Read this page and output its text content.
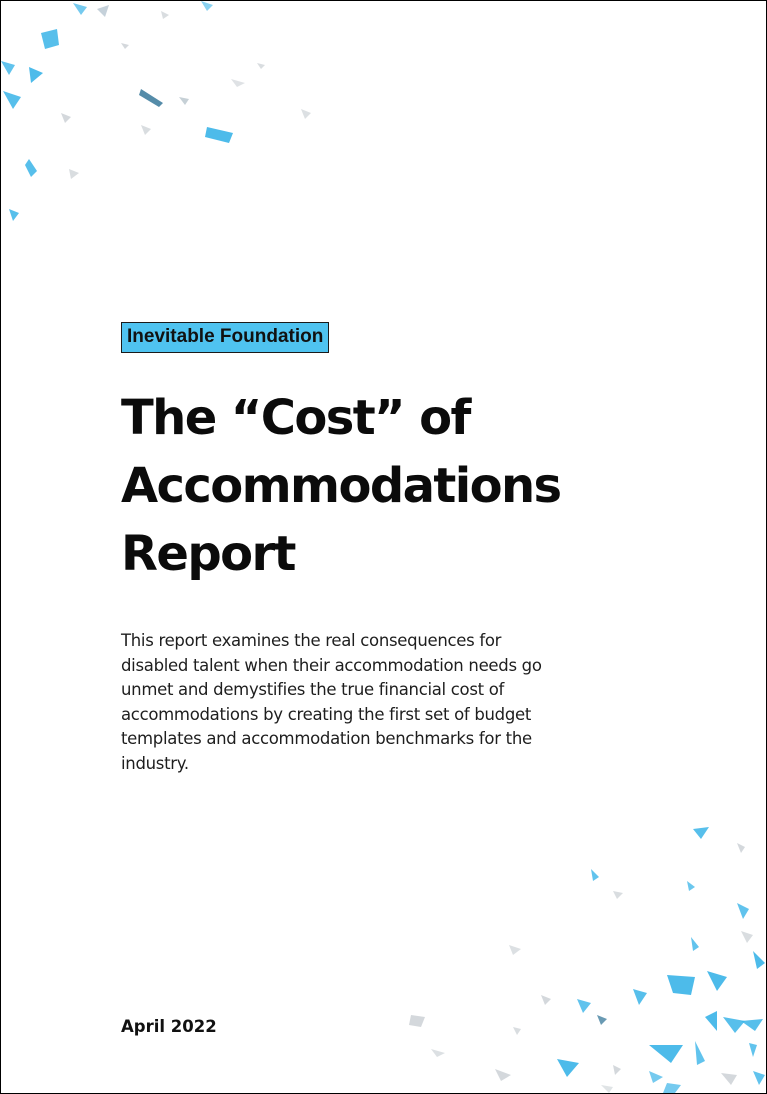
Inevitable Foundation
The “Cost” of
Accommodations
Report

This report examines the real consequences for disabled talent when their accommodation needs go unmet and demystifies the true financial cost of accommodations by creating the first set of budget templates and accommodation benchmarks for the industry.

April 2022
